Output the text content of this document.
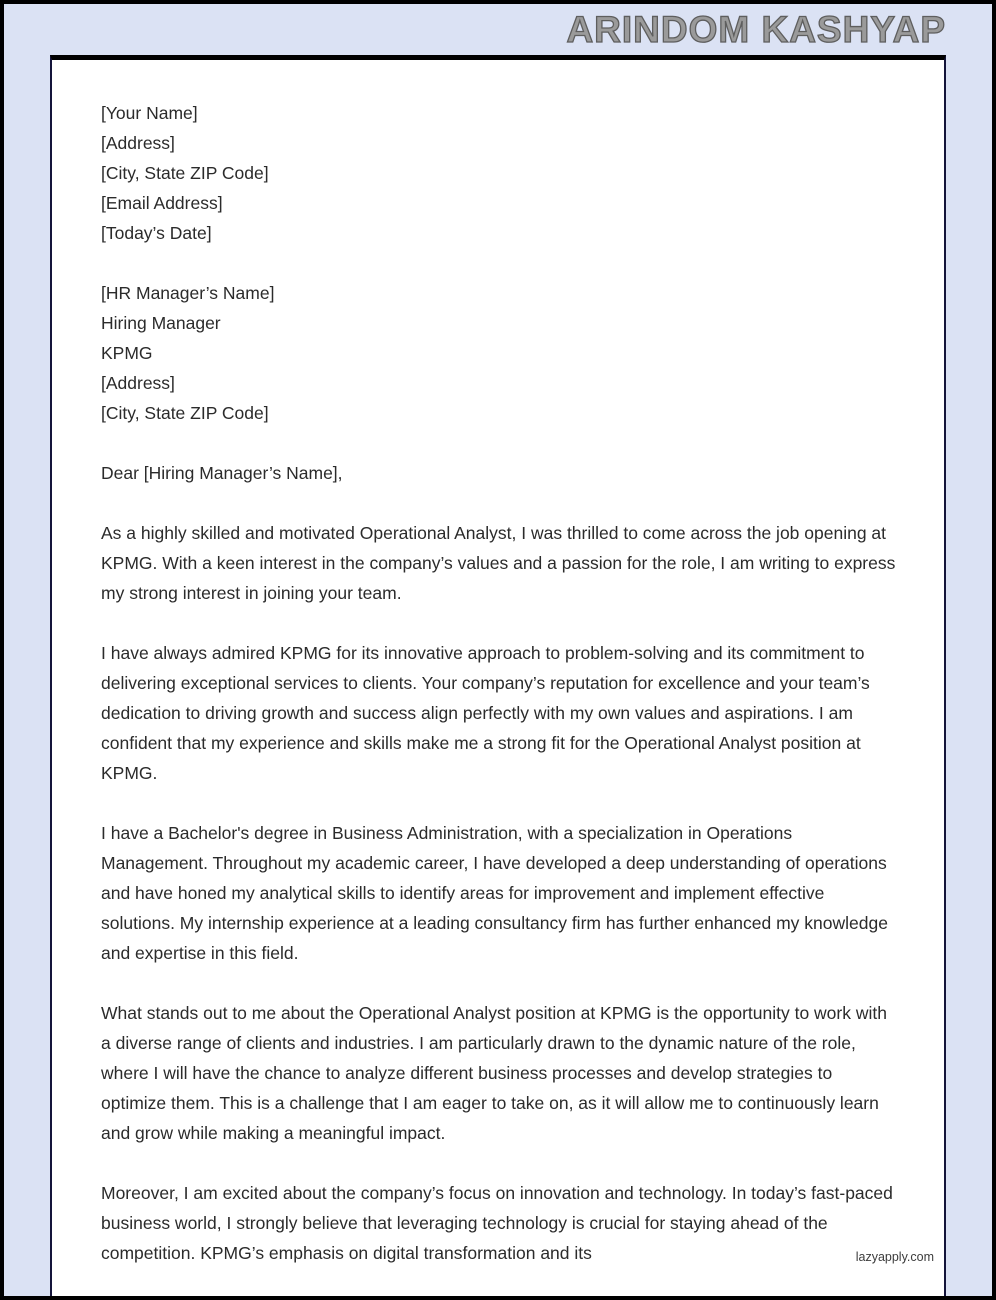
ARINDOM KASHYAP
[Your Name]
[Address]
[City, State ZIP Code]
[Email Address]
[Today’s Date]
[HR Manager’s Name]
Hiring Manager
KPMG
[Address]
[City, State ZIP Code]
Dear [Hiring Manager’s Name],
As a highly skilled and motivated Operational Analyst, I was thrilled to come across the job opening at KPMG. With a keen interest in the company’s values and a passion for the role, I am writing to express my strong interest in joining your team.
I have always admired KPMG for its innovative approach to problem-solving and its commitment to delivering exceptional services to clients. Your company’s reputation for excellence and your team’s dedication to driving growth and success align perfectly with my own values and aspirations. I am confident that my experience and skills make me a strong fit for the Operational Analyst position at KPMG.
I have a Bachelor's degree in Business Administration, with a specialization in Operations Management. Throughout my academic career, I have developed a deep understanding of operations and have honed my analytical skills to identify areas for improvement and implement effective solutions. My internship experience at a leading consultancy firm has further enhanced my knowledge and expertise in this field.
What stands out to me about the Operational Analyst position at KPMG is the opportunity to work with a diverse range of clients and industries. I am particularly drawn to the dynamic nature of the role, where I will have the chance to analyze different business processes and develop strategies to optimize them. This is a challenge that I am eager to take on, as it will allow me to continuously learn and grow while making a meaningful impact.
Moreover, I am excited about the company’s focus on innovation and technology. In today’s fast-paced business world, I strongly believe that leveraging technology is crucial for staying ahead of the competition. KPMG’s emphasis on digital transformation and its	lazyapply.com
